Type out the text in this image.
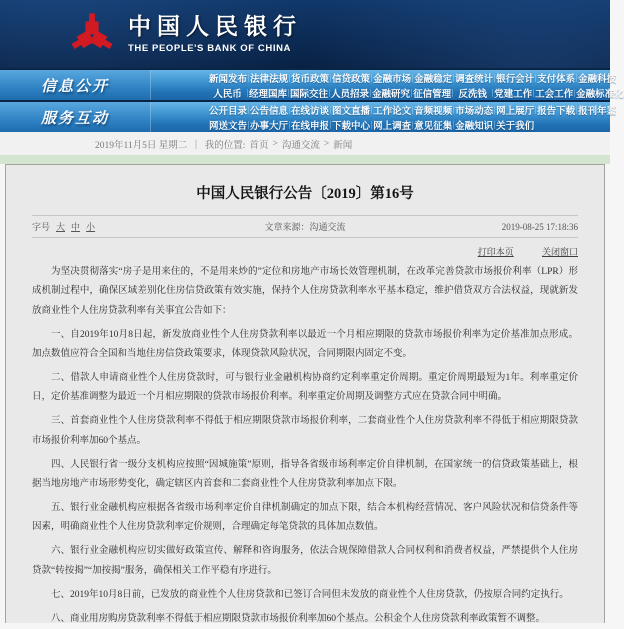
中国人民银行
THE PEOPLE'S BANK OF CHINA
信息公开	新闻发布 | 法律法规 | 货币政策 | 信贷政策 | 金融市场 | 金融稳定 | 调查统计 | 银行会计 | 支付体系 | 金融科技
人民币 | 经理国库 | 国际交往 | 人员招录 | 金融研究 | 征信管理 | 反洗钱 | 党建工作 | 工会工作 | 金融标准化
服务互动	公开目录 | 公告信息 | 在线访谈 | 图文直播 | 工作论文 | 音频视频 | 市场动态 | 网上展厅 | 报告下载 | 报刊年鉴
网送文告 | 办事大厅 | 在线申报 | 下载中心 | 网上调查 | 意见征集 | 金融知识 | 关于我们
2019年11月5日 星期二 ｜ 我的位置: 首页 > 沟通交流 > 新闻
中国人民银行公告〔2019〕第16号
字号 大 中 小	文章来源：沟通交流	2019-08-25 17:18:36
打印本页	关闭窗口

为坚决贯彻落实“房子是用来住的，不是用来炒的”定位和房地产市场长效管理机制，在改革完善贷款市场报价利率（LPR）形成机制过程中，确保区域差别化住房信贷政策有效实施，保持个人住房贷款利率水平基本稳定，维护借贷双方合法权益，现就新发放商业性个人住房贷款利率有关事宜公告如下：

一、自2019年10月8日起，新发放商业性个人住房贷款利率以最近一个月相应期限的贷款市场报价利率为定价基准加点形成。加点数值应符合全国和当地住房信贷政策要求，体现贷款风险状况，合同期限内固定不变。

二、借款人申请商业性个人住房贷款时，可与银行业金融机构协商约定利率重定价周期。重定价周期最短为1年。利率重定价日，定价基准调整为最近一个月相应期限的贷款市场报价利率。利率重定价周期及调整方式应在贷款合同中明确。

三、首套商业性个人住房贷款利率不得低于相应期限贷款市场报价利率，二套商业性个人住房贷款利率不得低于相应期限贷款市场报价利率加60个基点。

四、人民银行省一级分支机构应按照“因城施策”原则，指导各省级市场利率定价自律机制，在国家统一的信贷政策基础上，根据当地房地产市场形势变化，确定辖区内首套和二套商业性个人住房贷款利率加点下限。

五、银行业金融机构应根据各省级市场利率定价自律机制确定的加点下限，结合本机构经营情况、客户风险状况和信贷条件等因素，明确商业性个人住房贷款利率定价规则，合理确定每笔贷款的具体加点数值。

六、银行业金融机构应切实做好政策宣传、解释和咨询服务，依法合规保障借款人合同权利和消费者权益，严禁提供个人住房贷款“转按揭”“加按揭”服务，确保相关工作平稳有序进行。

七、2019年10月8日前，已发放的商业性个人住房贷款和已签订合同但未发放的商业性个人住房贷款，仍按原合同约定执行。

八、商业用房购房贷款利率不得低于相应期限贷款市场报价利率加60个基点。公积金个人住房贷款利率政策暂不调整。
